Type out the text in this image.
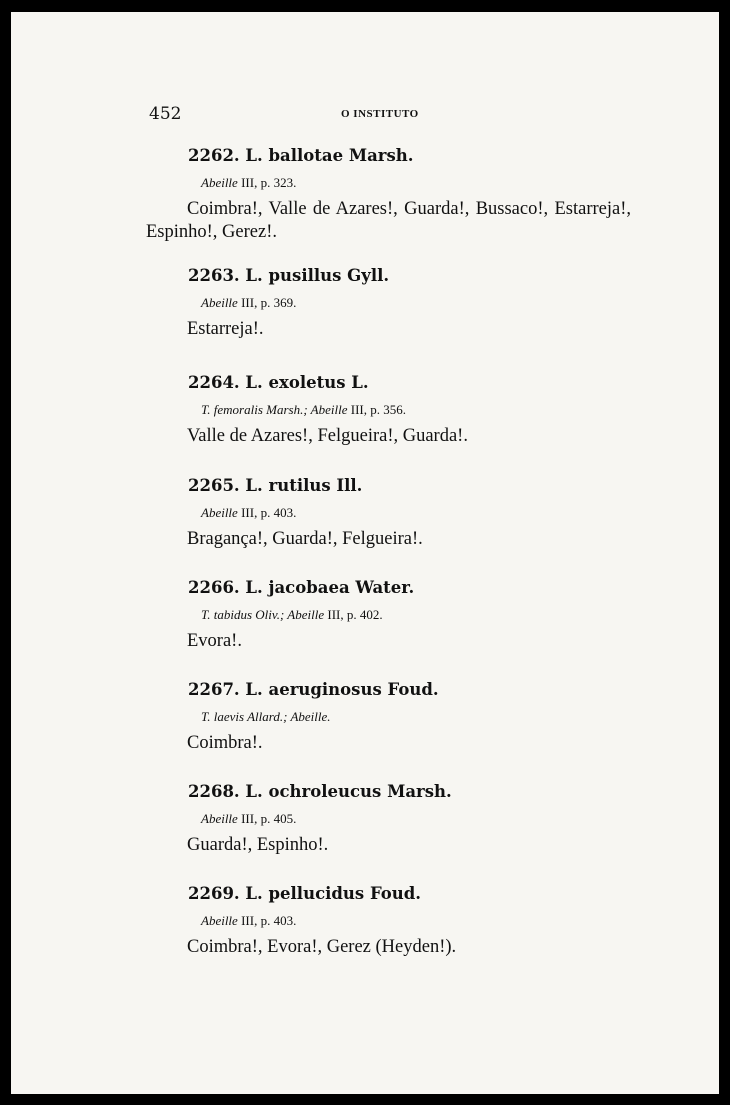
452	O INSTITUTO
2262. L. ballotae Marsh.
Abeille III, p. 323.
Coimbra!, Valle de Azares!, Guarda!, Bussaco!, Estarreja!, Espinho!, Gerez!.
2263. L. pusillus Gyll.
Abeille III, p. 369.
Estarreja!.
2264. L. exoletus L.
T. femoralis Marsh.; Abeille III, p. 356.
Valle de Azares!, Felgueira!, Guarda!.
2265. L. rutilus Ill.
Abeille III, p. 403.
Bragança!, Guarda!, Felgueira!.
2266. L. jacobaea Water.
T. tabidus Oliv.; Abeille III, p. 402.
Evora!.
2267. L. aeruginosus Foud.
T. laevis Allard.; Abeille.
Coimbra!.
2268. L. ochroleucus Marsh.
Abeille III, p. 405.
Guarda!, Espinho!.
2269. L. pellucidus Foud.
Abeille III, p. 403.
Coimbra!, Evora!, Gerez (Heyden!).
